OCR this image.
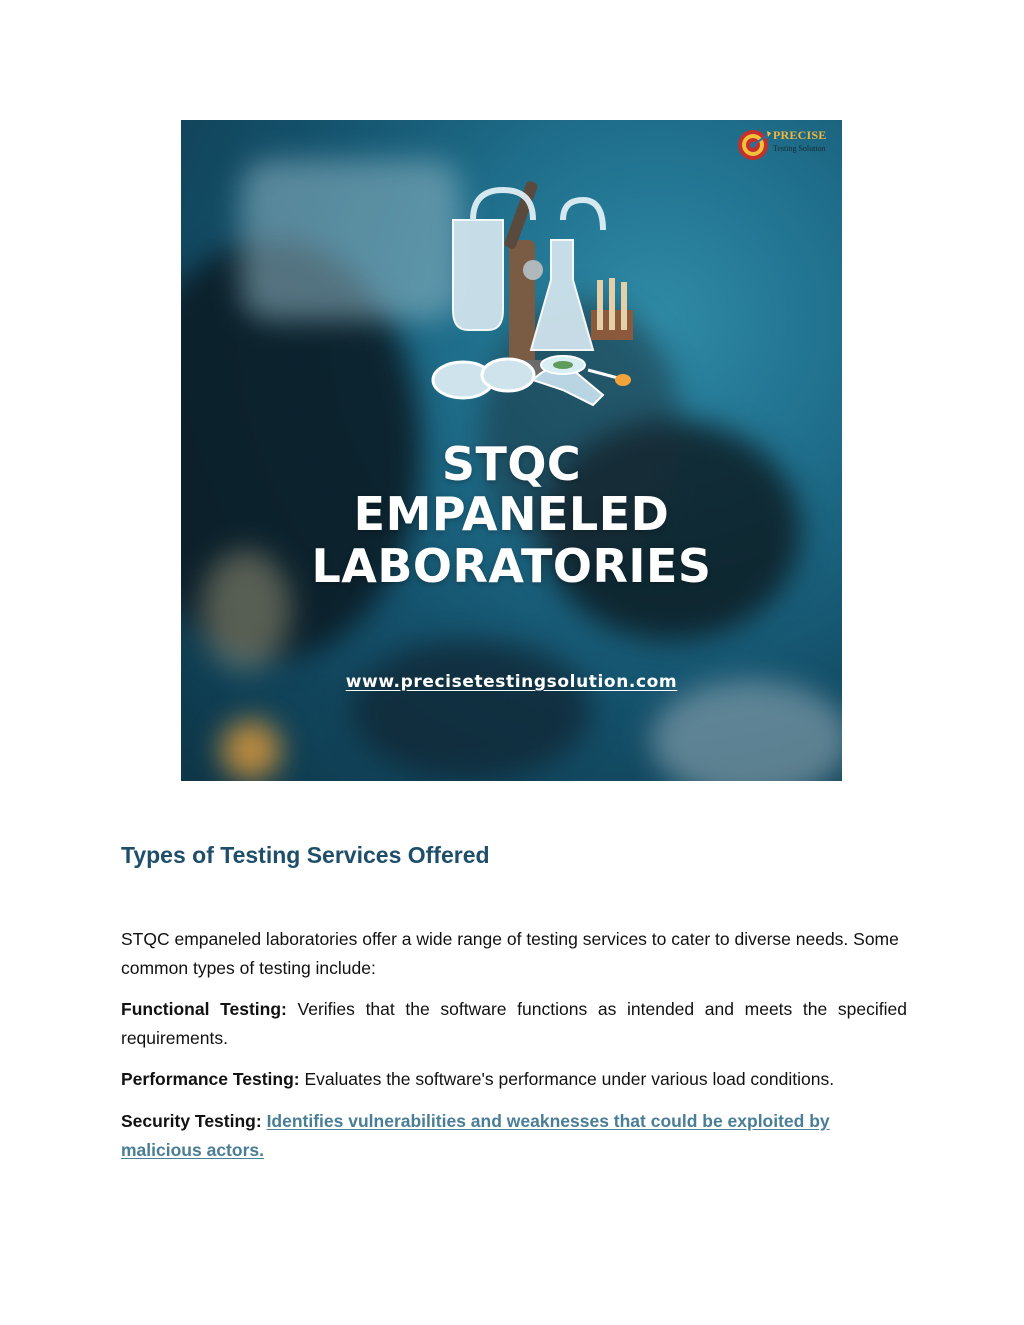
PRECISE
Testing Solution
STQC
EMPANELED
LABORATORIES
www.precisetestingsolution.com
Types of Testing Services Offered

STQC empaneled laboratories offer a wide range of testing services to cater to diverse needs. Some common types of testing include:

Functional Testing: Verifies that the software functions as intended and meets the specified requirements.

Performance Testing: Evaluates the software's performance under various load conditions.

Security Testing: Identifies vulnerabilities and weaknesses that could be exploited by malicious actors.
